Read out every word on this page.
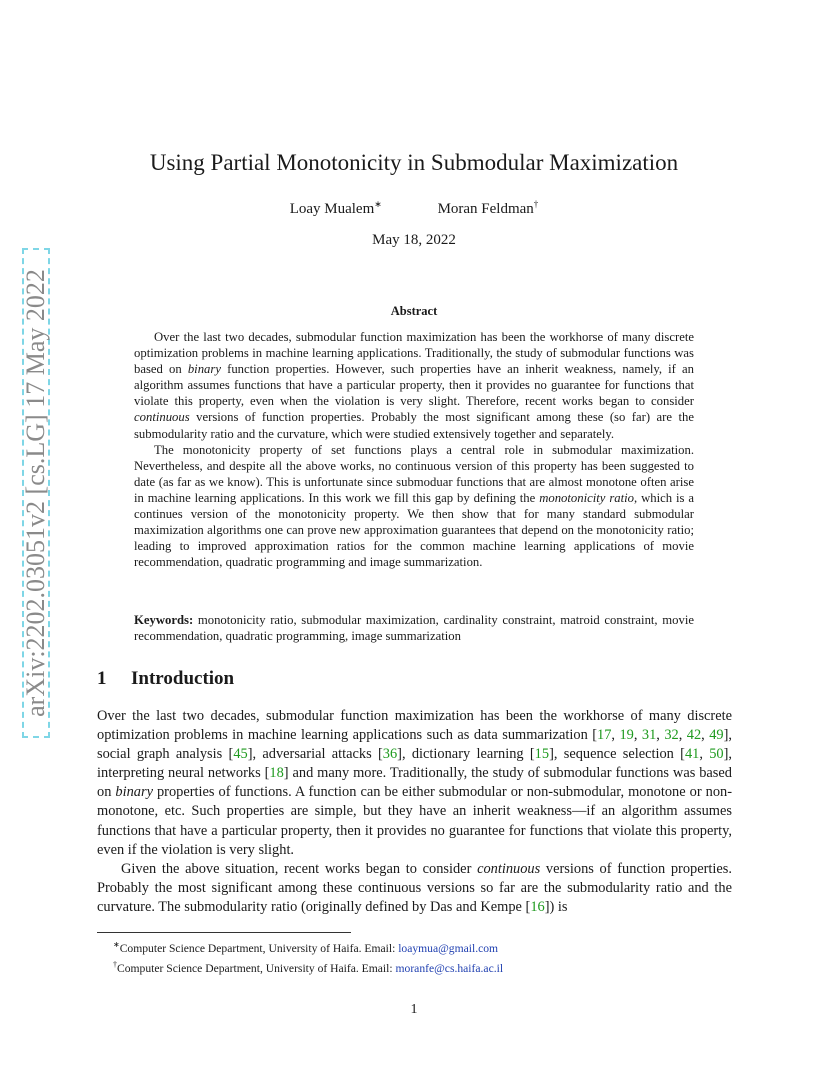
arXiv:2202.03051v2 [cs.LG] 17 May 2022
Using Partial Monotonicity in Submodular Maximization
Loay Mualem∗	Moran Feldman†
May 18, 2022
Abstract

Over the last two decades, submodular function maximization has been the workhorse of many discrete optimization problems in machine learning applications. Traditionally, the study of submodular functions was based on binary function properties. However, such properties have an inherit weakness, namely, if an algorithm assumes functions that have a particular property, then it provides no guarantee for functions that violate this property, even when the violation is very slight. Therefore, recent works began to consider continuous versions of function properties. Probably the most significant among these (so far) are the submodularity ratio and the curvature, which were studied extensively together and separately.

The monotonicity property of set functions plays a central role in submodular maximization. Nevertheless, and despite all the above works, no continuous version of this property has been suggested to date (as far as we know). This is unfortunate since submoduar functions that are almost monotone often arise in machine learning applications. In this work we fill this gap by defining the monotonicity ratio, which is a continues version of the monotonicity property. We then show that for many standard submodular maximization algorithms one can prove new approximation guarantees that depend on the monotonicity ratio; leading to improved approximation ratios for the common machine learning applications of movie recommendation, quadratic programming and image summarization.

Keywords: monotonicity ratio, submodular maximization, cardinality constraint, matroid constraint, movie recommendation, quadratic programming, image summarization
1 Introduction

Over the last two decades, submodular function maximization has been the workhorse of many discrete optimization problems in machine learning applications such as data summarization [17, 19, 31, 32, 42, 49], social graph analysis [45], adversarial attacks [36], dictionary learning [15], sequence selection [41, 50], interpreting neural networks [18] and many more. Traditionally, the study of submodular functions was based on binary properties of functions. A function can be either submodular or non-submodular, monotone or non-monotone, etc. Such properties are simple, but they have an inherit weakness—if an algorithm assumes functions that have a particular property, then it provides no guarantee for functions that violate this property, even if the violation is very slight.

Given the above situation, recent works began to consider continuous versions of function properties. Probably the most significant among these continuous versions so far are the submodularity ratio and the curvature. The submodularity ratio (originally defined by Das and Kempe [16]) is

∗Computer Science Department, University of Haifa. Email: loaymua@gmail.com
†Computer Science Department, University of Haifa. Email: moranfe@cs.haifa.ac.il
1
